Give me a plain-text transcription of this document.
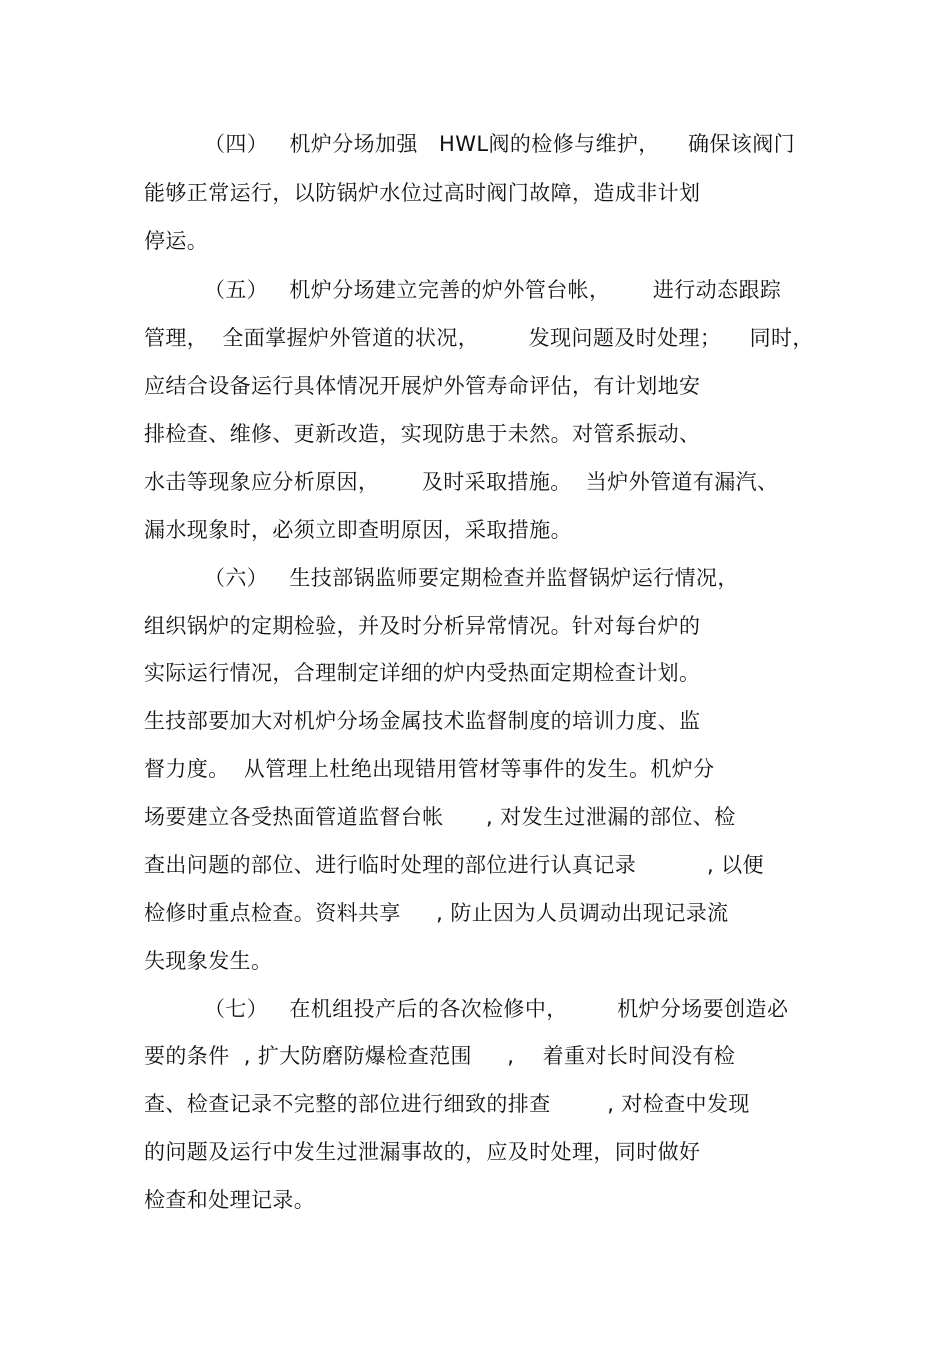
（四）   机炉分场加强   HWL阀的检修与维护，    确保该阀门
能够正常运行，以防锅炉水位过高时阀门故障，造成非计划
停运。
（五）   机炉分场建立完善的炉外管台帐，      进行动态跟踪
管理，  全面掌握炉外管道的状况，       发现问题及时处理；    同时，
应结合设备运行具体情况开展炉外管寿命评估，有计划地安
排检查、维修、更新改造，实现防患于未然。对管系振动、
水击等现象应分析原因，      及时采取措施。  当炉外管道有漏汽、
漏水现象时，必须立即查明原因，采取措施。
（六）   生技部锅监师要定期检查并监督锅炉运行情况，
组织锅炉的定期检验，并及时分析异常情况。针对每台炉的
实际运行情况，合理制定详细的炉内受热面定期检查计划。
生技部要加大对机炉分场金属技术监督制度的培训力度、监
督力度。  从管理上杜绝出现错用管材等事件的发生。机炉分
场要建立各受热面管道监督台帐      , 对发生过泄漏的部位、检
查出问题的部位、进行临时处理的部位进行认真记录          , 以便
检修时重点检查。资料共享     , 防止因为人员调动出现记录流
失现象发生。
（七）   在机组投产后的各次检修中，       机炉分场要创造必
要的条件  , 扩大防磨防爆检查范围     ,    着重对长时间没有检
查、检查记录不完整的部位进行细致的排查        , 对检查中发现
的问题及运行中发生过泄漏事故的，应及时处理，同时做好
检查和处理记录。
